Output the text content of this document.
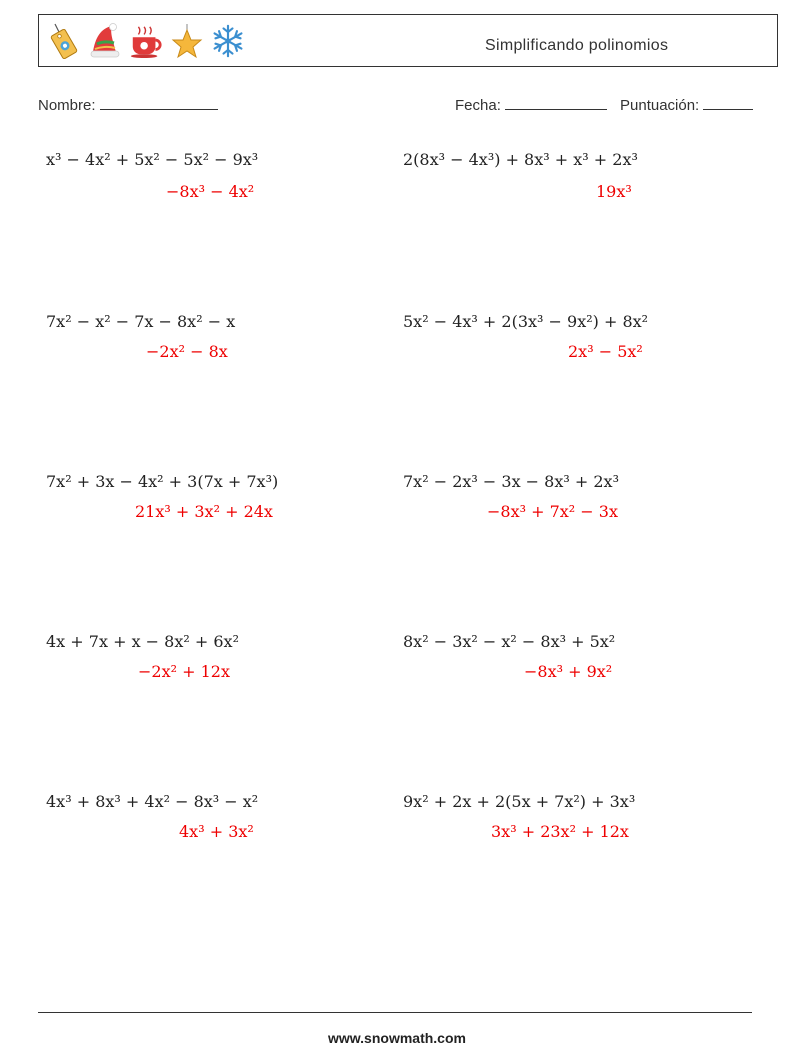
Simplificando polinomios
Nombre:	Fecha:	Puntuación:
x³ − 4x² + 5x² − 5x² − 9x³
−8x³ − 4x²
2(8x³ − 4x³) + 8x³ + x³ + 2x³
19x³
7x² − x² − 7x − 8x² − x
−2x² − 8x
5x² − 4x³ + 2(3x³ − 9x²) + 8x²
2x³ − 5x²
7x² + 3x − 4x² + 3(7x + 7x³)
21x³ + 3x² + 24x
7x² − 2x³ − 3x − 8x³ + 2x³
−8x³ + 7x² − 3x
4x + 7x + x − 8x² + 6x²
−2x² + 12x
8x² − 3x² − x² − 8x³ + 5x²
−8x³ + 9x²
4x³ + 8x³ + 4x² − 8x³ − x²
4x³ + 3x²
9x² + 2x + 2(5x + 7x²) + 3x³
3x³ + 23x² + 12x
www.snowmath.com
